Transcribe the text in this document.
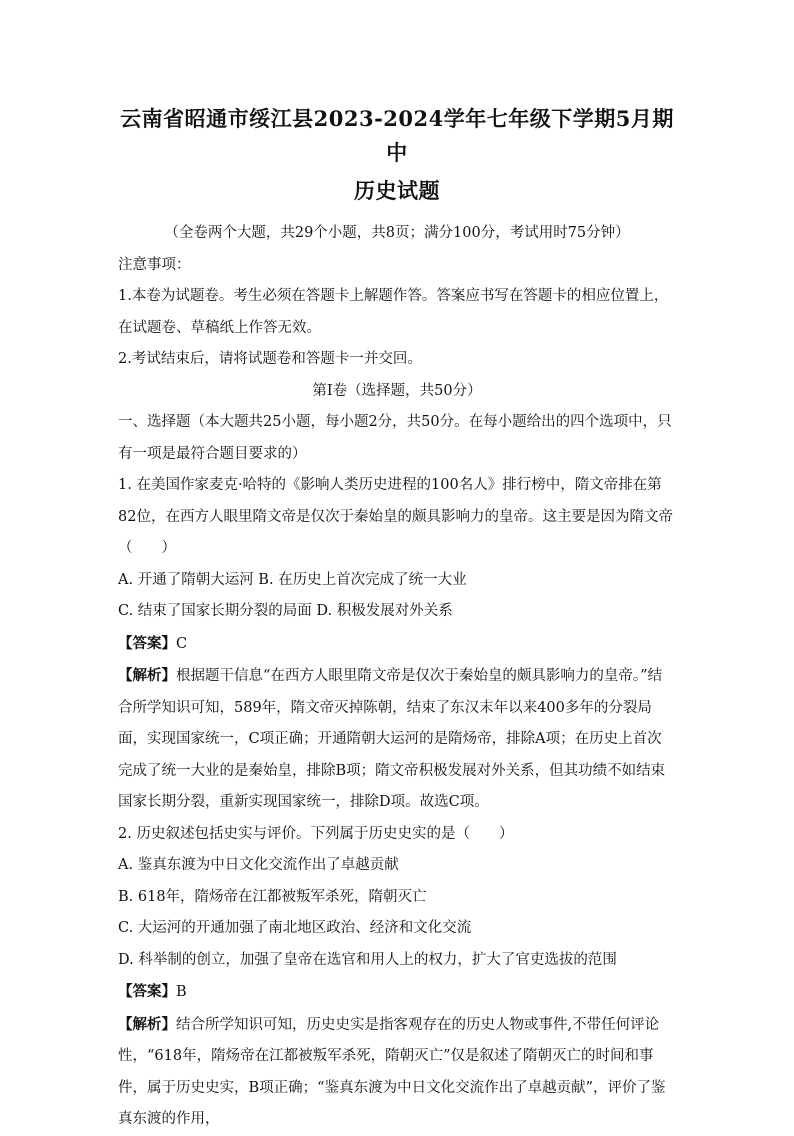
云南省昭通市绥江县2023-2024学年七年级下学期5月期中
历史试题

（全卷两个大题，共29个小题，共8页；满分100分，考试用时75分钟）

注意事项：

1.本卷为试题卷。考生必须在答题卡上解题作答。答案应书写在答题卡的相应位置上，在试题卷、草稿纸上作答无效。

2.考试结束后，请将试题卷和答题卡一并交回。

第Ⅰ卷（选择题，共50分）

一、选择题（本大题共25小题，每小题2分，共50分。在每小题给出的四个选项中，只有一项是最符合题目要求的）

1. 在美国作家麦克·哈特的《影响人类历史进程的100名人》排行榜中，隋文帝排在第82位，在西方人眼里隋文帝是仅次于秦始皇的颇具影响力的皇帝。这主要是因为隋文帝（　　）

A. 开通了隋朝大运河 B. 在历史上首次完成了统一大业

C. 结束了国家长期分裂的局面 D. 积极发展对外关系

【答案】C

【解析】根据题干信息“在西方人眼里隋文帝是仅次于秦始皇的颇具影响力的皇帝。”结合所学知识可知，589年，隋文帝灭掉陈朝，结束了东汉末年以来400多年的分裂局面，实现国家统一，C项正确；开通隋朝大运河的是隋炀帝，排除A项；在历史上首次完成了统一大业的是秦始皇，排除B项；隋文帝积极发展对外关系，但其功绩不如结束国家长期分裂，重新实现国家统一，排除D项。故选C项。

2. 历史叙述包括史实与评价。下列属于历史史实的是（　　）

A. 鉴真东渡为中日文化交流作出了卓越贡献

B. 618年，隋炀帝在江都被叛军杀死，隋朝灭亡

C. 大运河的开通加强了南北地区政治、经济和文化交流

D. 科举制的创立，加强了皇帝在选官和用人上的权力，扩大了官吏选拔的范围

【答案】B

【解析】结合所学知识可知，历史史实是指客观存在的历史人物或事件,不带任何评论性，“618年，隋炀帝在江都被叛军杀死，隋朝灭亡”仅是叙述了隋朝灭亡的时间和事件，属于历史史实，B项正确；“鉴真东渡为中日文化交流作出了卓越贡献”，评价了鉴真东渡的作用，
